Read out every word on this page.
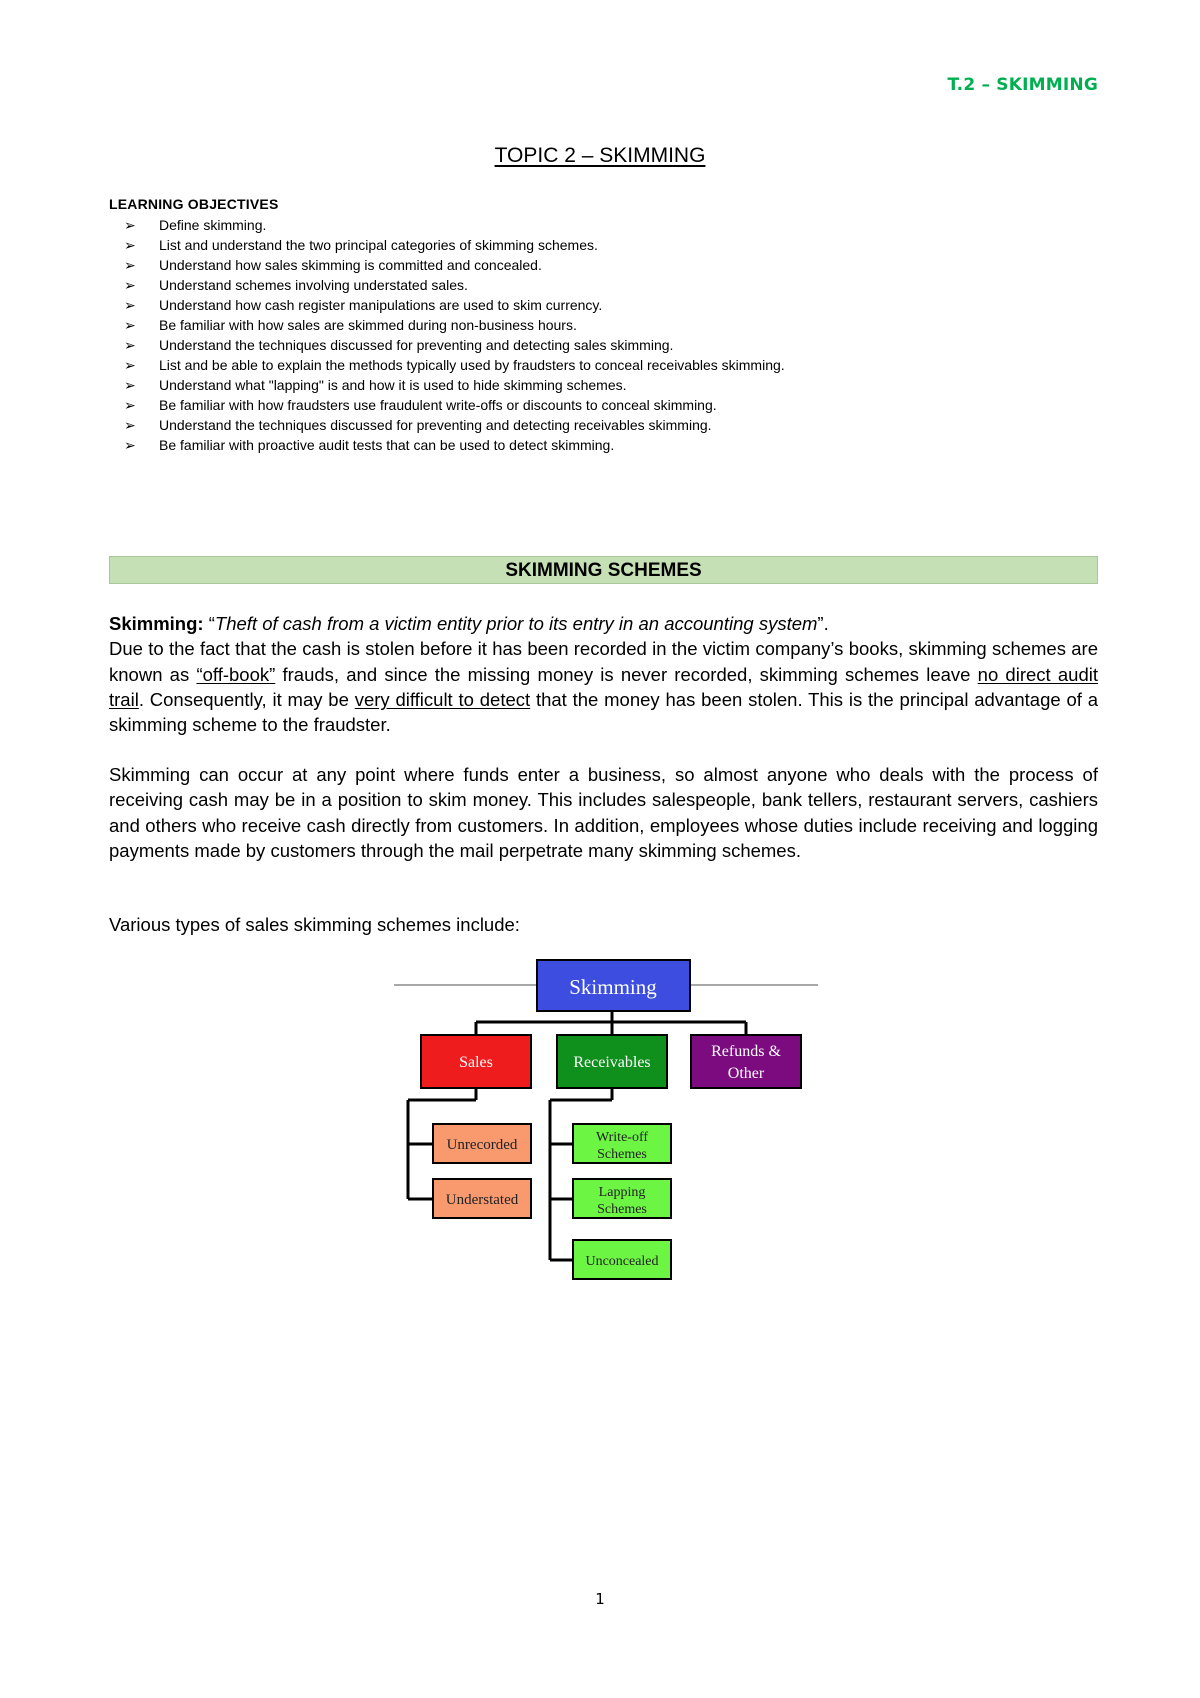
T.2 – SKIMMING
TOPIC 2 – SKIMMING
LEARNING OBJECTIVES
➢ Define skimming.
➢ List and understand the two principal categories of skimming schemes.
➢ Understand how sales skimming is committed and concealed.
➢ Understand schemes involving understated sales.
➢ Understand how cash register manipulations are used to skim currency.
➢ Be familiar with how sales are skimmed during non-business hours.
➢ Understand the techniques discussed for preventing and detecting sales skimming.
➢ List and be able to explain the methods typically used by fraudsters to conceal receivables skimming.
➢ Understand what "lapping" is and how it is used to hide skimming schemes.
➢ Be familiar with how fraudsters use fraudulent write-offs or discounts to conceal skimming.
➢ Understand the techniques discussed for preventing and detecting receivables skimming.
➢ Be familiar with proactive audit tests that can be used to detect skimming.
SKIMMING SCHEMES
Skimming: “Theft of cash from a victim entity prior to its entry in an accounting system”.
Due to the fact that the cash is stolen before it has been recorded in the victim company’s books, skimming schemes are known as “off-book” frauds, and since the missing money is never recorded, skimming schemes leave no direct audit trail. Consequently, it may be very difficult to detect that the money has been stolen. This is the principal advantage of a skimming scheme to the fraudster.
Skimming can occur at any point where funds enter a business, so almost anyone who deals with the process of receiving cash may be in a position to skim money. This includes salespeople, bank tellers, restaurant servers, cashiers and others who receive cash directly from customers. In addition, employees whose duties include receiving and logging payments made by customers through the mail perpetrate many skimming schemes.
Various types of sales skimming schemes include:
Skimming
Sales	Receivables
Refunds &
Other
Unrecorded
Understated
Write-off
Schemes
Lapping
Schemes
Unconcealed
1
